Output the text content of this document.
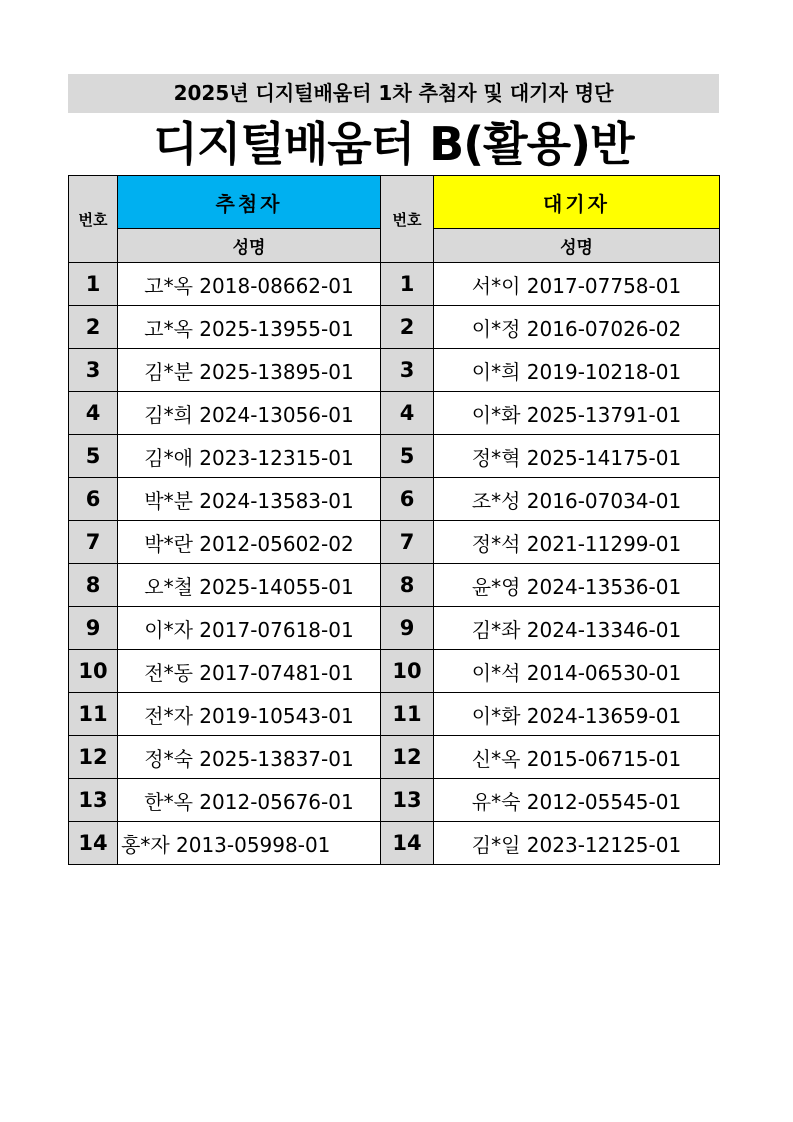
2025년 디지털배움터 1차 추첨자 및 대기자 명단
디지털배움터 B(활용)반
번호	추첨자	번호	대기자
	성명		성명
1	고*옥 2018-08662-01	1	서*이 2017-07758-01
2	고*옥 2025-13955-01	2	이*정 2016-07026-02
3	김*분 2025-13895-01	3	이*희 2019-10218-01
4	김*희 2024-13056-01	4	이*화 2025-13791-01
5	김*애 2023-12315-01	5	정*혁 2025-14175-01
6	박*분 2024-13583-01	6	조*성 2016-07034-01
7	박*란 2012-05602-02	7	정*석 2021-11299-01
8	오*철 2025-14055-01	8	윤*영 2024-13536-01
9	이*자 2017-07618-01	9	김*좌 2024-13346-01
10	전*동 2017-07481-01	10	이*석 2014-06530-01
11	전*자 2019-10543-01	11	이*화 2024-13659-01
12	정*숙 2025-13837-01	12	신*옥 2015-06715-01
13	한*옥 2012-05676-01	13	유*숙 2012-05545-01
14	홍*자 2013-05998-01	14	김*일 2023-12125-01
